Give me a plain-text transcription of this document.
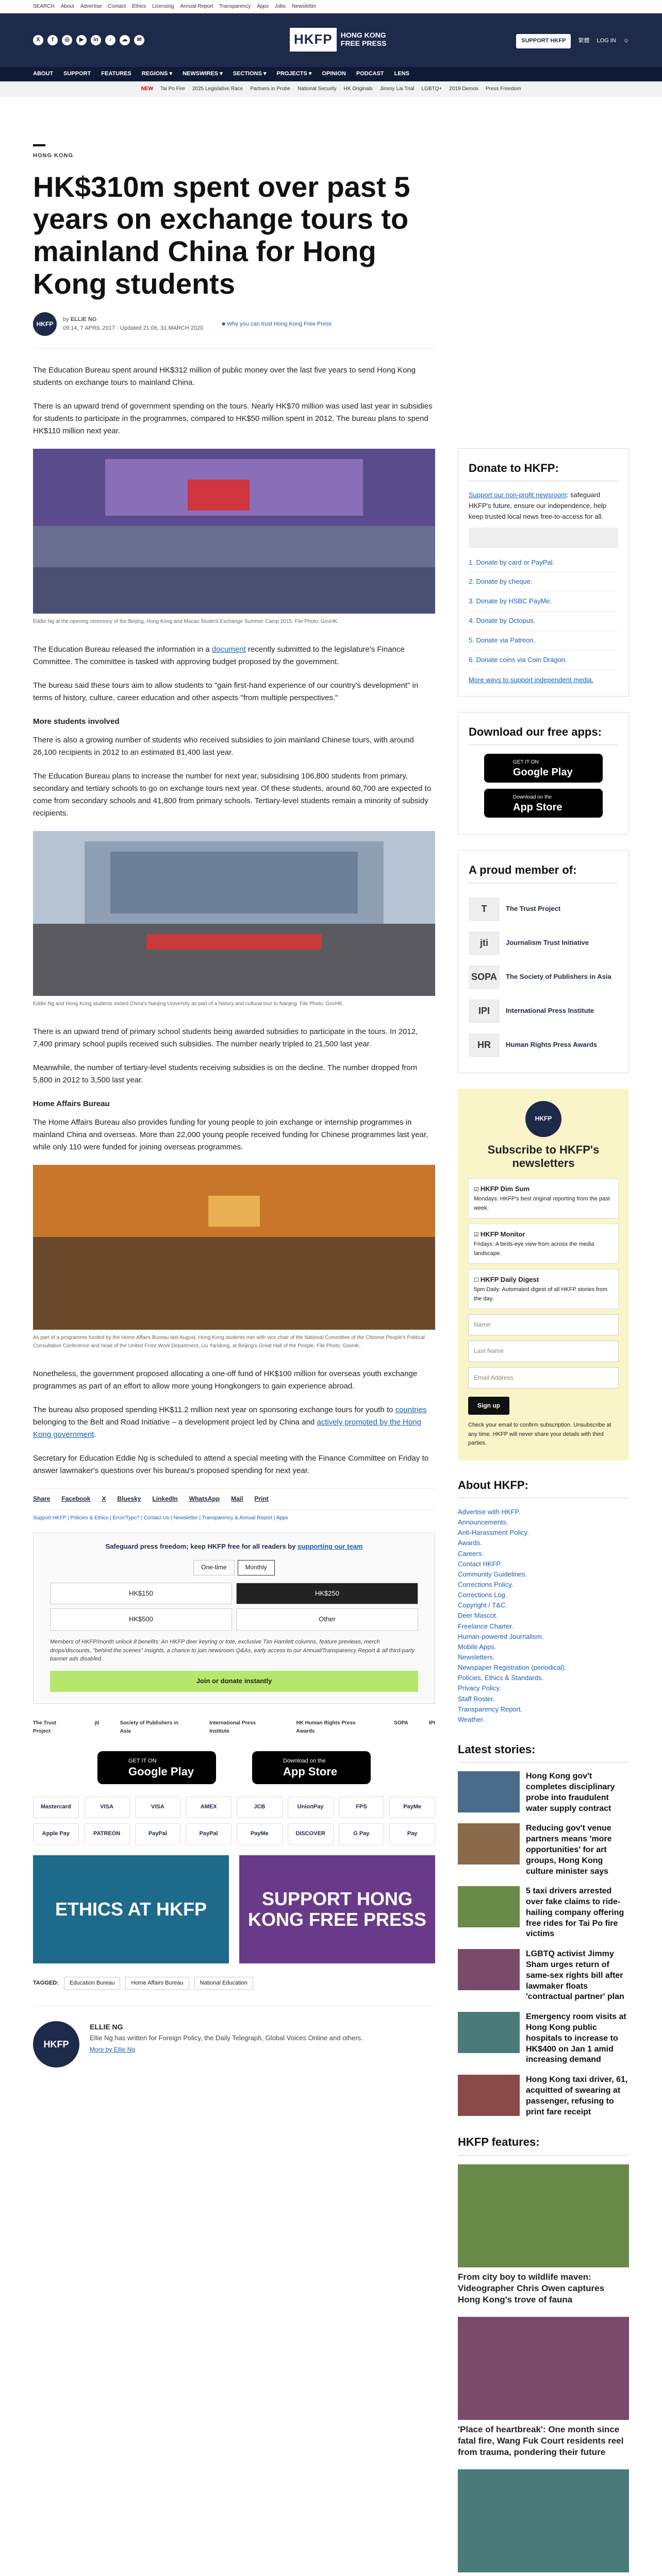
SEARCH About Advertise Contact Ethics Licensing Annual Report Transparency Apps Jobs Newsletter
X	f	◎	▶	in	♪	☁	✉	HKFP	HONG KONG
FREE PRESS	SUPPORT HKFP	繁體 LOG IN ☺
ABOUT SUPPORT FEATURES REGIONS ▾ NEWSWIRES ▾ SECTIONS ▾ PROJECTS ▾ OPINION PODCAST LENS
NEW Tai Po Fire 2025 Legislative Race Partners in Probe National Security HK Originals Jimmy Lai Trial LGBTQ+ 2019 Demos Press Freedom
HONG KONG
HK$310m spent over past 5 years on exchange tours to mainland China for Hong Kong students
HKFP
by ELLIE NG
09:14, 7 APRIL 2017 · Updated 21:06, 31 MARCH 2020
■ Why you can trust Hong Kong Free Press

The Education Bureau spent around HK$312 million of public money over the last five years to send Hong Kong students on exchange tours to mainland China.

There is an upward trend of government spending on the tours. Nearly HK$70 million was used last year in subsidies for students to participate in the programmes, compared to HK$50 million spent in 2012. The bureau plans to spend HK$110 million next year.

Eddie Ng at the opening ceremony of the Beijing, Hong Kong and Macao Student Exchange Summer Camp 2015. File Photo: GovHK.

The Education Bureau released the information in a document recently submitted to the legislature's Finance Committee. The committee is tasked with approving budget proposed by the government.

The bureau said these tours aim to allow students to "gain first-hand experience of our country's development" in terms of history, culture, career education and other aspects "from multiple perspectives."

More students involved

There is also a growing number of students who received subsidies to join mainland Chinese tours, with around 26,100 recipients in 2012 to an estimated 81,400 last year.

The Education Bureau plans to increase the number for next year, subsidising 106,800 students from primary, secondary and tertiary schools to go on exchange tours next year. Of these students, around 60,700 are expected to come from secondary schools and 41,800 from primary schools. Tertiary-level students remain a minority of subsidy recipients.

Eddie Ng and Hong Kong students visited China's Nanjing University as part of a history and cultural tour to Nanjing. File Photo: GovHK.

There is an upward trend of primary school students being awarded subsidies to participate in the tours. In 2012, 7,400 primary school pupils received such subsidies. The number nearly tripled to 21,500 last year.

Meanwhile, the number of tertiary-level students receiving subsidies is on the decline. The number dropped from 5,800 in 2012 to 3,500 last year.

Home Affairs Bureau

The Home Affairs Bureau also provides funding for young people to join exchange or internship programmes in mainland China and overseas. More than 22,000 young people received funding for Chinese programmes last year, while only 110 were funded for joining overseas programmes.

As part of a programme funded by the Home Affairs Bureau last August, Hong Kong students met with vice chair of the National Committee of the Chinese People's Political Consultative Conference and head of the United Front Work Department, Liu Yandong, at Beijing's Great Hall of the People. File Photo: GovHK.

Nonetheless, the government proposed allocating a one-off fund of HK$100 million for overseas youth exchange programmes as part of an effort to allow more young Hongkongers to gain experience abroad.

The bureau also proposed spending HK$11.2 million next year on sponsoring exchange tours for youth to countries belonging to the Belt and Road Initiative – a development project led by China and actively promoted by the Hong Kong government.

Secretary for Education Eddie Ng is scheduled to attend a special meeting with the Finance Committee on Friday to answer lawmaker's questions over his bureau's proposed spending for next year.

Share Facebook X Bluesky LinkedIn WhatsApp Mail Print
Support HKFP | Policies & Ethics | Error/Typo? | Contact Us | Newsletter | Transparency & Annual Report | Apps
Safeguard press freedom; keep HKFP free for all readers by supporting our team
One-time	Monthly
HK$150	HK$250
HK$500	Other
Members of HKFP/month unlock 8 benefits: An HKFP deer keyring or tote, exclusive Tim Hamlett columns, feature previews, merch drops/discounts, "behind the scenes" insights, a chance to join newsroom Q&As, early access to our Annual/Transparency Report & all third-party banner ads disabled.
Join or donate instantly
The Trust Project
jti	Society of Publishers in Asia
International Press Institute
HK Human Rights Press Awards
SOPA	IPI
GET IT ON
Google Play
Download on the
App Store
Mastercard	VISA	VISA	AMEX	JCB	UnionPay	FPS	PayMe
Apple Pay	PATREON	PayPal	PayPal	PayMe	DISCOVER	G Pay	Pay
ETHICS AT HKFP	SUPPORT HONG KONG FREE PRESS
TAGGED:	Education Bureau	Home Affairs Bureau	National Education
HKFP
ELLIE NG
Ellie Ng has written for Foreign Policy, the Daily Telegraph, Global Voices Online and others.
More by Ellie Ng
Donate to HKFP:

Support our non-profit newsroom: safeguard HKFP's future, ensure our independence, help keep trusted local news free-to-access for all.

1. Donate by card or PayPal.
2. Donate by cheque.
3. Donate by HSBC PayMe.
4. Donate by Octopus.
5. Donate via Patreon.
6. Donate coins via Coin Dragon.
More ways to support independent media.
Download our free apps:
GET IT ON
Google Play
Download on the
App Store
A proud member of:
T	The Trust Project
jti	Journalism Trust Initiative
SOPA	The Society of Publishers in Asia
IPI	International Press Institute
HR	Human Rights Press Awards
HKFP
Subscribe to HKFP's newsletters
☑ HKFP Dim Sum
Mondays: HKFP's best original reporting from the past week.
☑ HKFP Monitor
Fridays: A birds-eye view from across the media landscape.
☐ HKFP Daily Digest
5pm Daily: Automated digest of all HKFP stories from the day.
Name
Last Name
Email Address
Sign up
Check your email to confirm subscription. Unsubscribe at any time. HKFP will never share your details with third parties.
About HKFP:
Advertise with HKFP.
Announcements.
Anti-Harassment Policy.
Awards.
Careers.
Contact HKFP.
Community Guidelines.
Corrections Policy.
Corrections Log.
Copyright / T&C.
Deer Mascot.
Freelance Charter.
Human-powered Journalism.
Mobile Apps.
Newsletters.
Newspaper Registration (periodical).
Policies, Ethics & Standards.
Privacy Policy.
Staff Roster.
Transparency Report.
Weather.
Latest stories:
Hong Kong gov't completes disciplinary probe into fraudulent water supply contract
Reducing gov't venue partners means 'more opportunities' for art groups, Hong Kong culture minister says
5 taxi drivers arrested over fake claims to ride-hailing company offering free rides for Tai Po fire victims
LGBTQ activist Jimmy Sham urges return of same-sex rights bill after lawmaker floats 'contractual partner' plan
Emergency room visits at Hong Kong public hospitals to increase to HK$400 on Jan 1 amid increasing demand
Hong Kong taxi driver, 61, acquitted of swearing at passenger, refusing to print fare receipt
HKFP features:
From city boy to wildlife maven: Videographer Chris Owen captures Hong Kong's trove of fauna
'Place of heartbreak': One month since fatal fire, Wang Fuk Court residents reel from trauma, pondering their future
